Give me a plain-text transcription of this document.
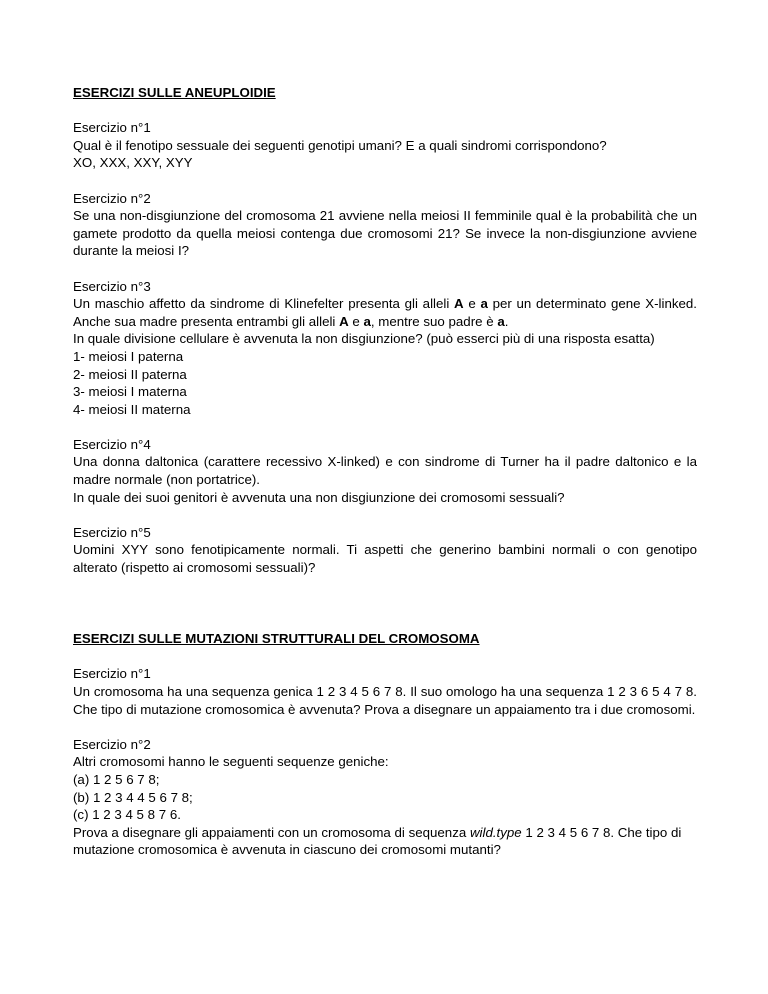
ESERCIZI SULLE ANEUPLOIDIE
Esercizio n°1
Qual è il fenotipo sessuale dei seguenti genotipi umani? E a quali sindromi corrispondono?
XO, XXX, XXY, XYY
Esercizio n°2
Se una non-disgiunzione del cromosoma 21 avviene nella meiosi II femminile qual è la probabilità che un gamete prodotto da quella meiosi contenga due cromosomi 21? Se invece la non-disgiunzione avviene durante la meiosi I?
Esercizio n°3
Un maschio affetto da sindrome di Klinefelter presenta gli alleli A e a per un determinato gene X-linked. Anche sua madre presenta entrambi gli alleli A e a, mentre suo padre è a.
In quale divisione cellulare è avvenuta la non disgiunzione? (può esserci più di una risposta esatta)
1- meiosi I paterna
2- meiosi II paterna
3- meiosi I materna
4- meiosi II materna
Esercizio n°4
Una donna daltonica (carattere recessivo X-linked) e con sindrome di Turner ha il padre daltonico e la madre normale (non portatrice).
In quale dei suoi genitori è avvenuta una non disgiunzione dei cromosomi sessuali?
Esercizio n°5
Uomini XYY sono fenotipicamente normali. Ti aspetti che generino bambini normali o con genotipo alterato (rispetto ai cromosomi sessuali)?
ESERCIZI SULLE MUTAZIONI STRUTTURALI DEL CROMOSOMA
Esercizio n°1
Un cromosoma ha una sequenza genica 1 2 3 4 5 6 7 8. Il suo omologo ha una sequenza 1 2 3 6 5 4 7 8. Che tipo di mutazione cromosomica è avvenuta? Prova a disegnare un appaiamento tra i due cromosomi.
Esercizio n°2
Altri cromosomi hanno le seguenti sequenze geniche:
(a) 1 2 5 6 7 8;
(b) 1 2 3 4 4 5 6 7 8;
(c) 1 2 3 4 5 8 7 6.
Prova a disegnare gli appaiamenti con un cromosoma di sequenza wild.type 1 2 3 4 5 6 7 8. Che tipo di mutazione cromosomica è avvenuta in ciascuno dei cromosomi mutanti?
